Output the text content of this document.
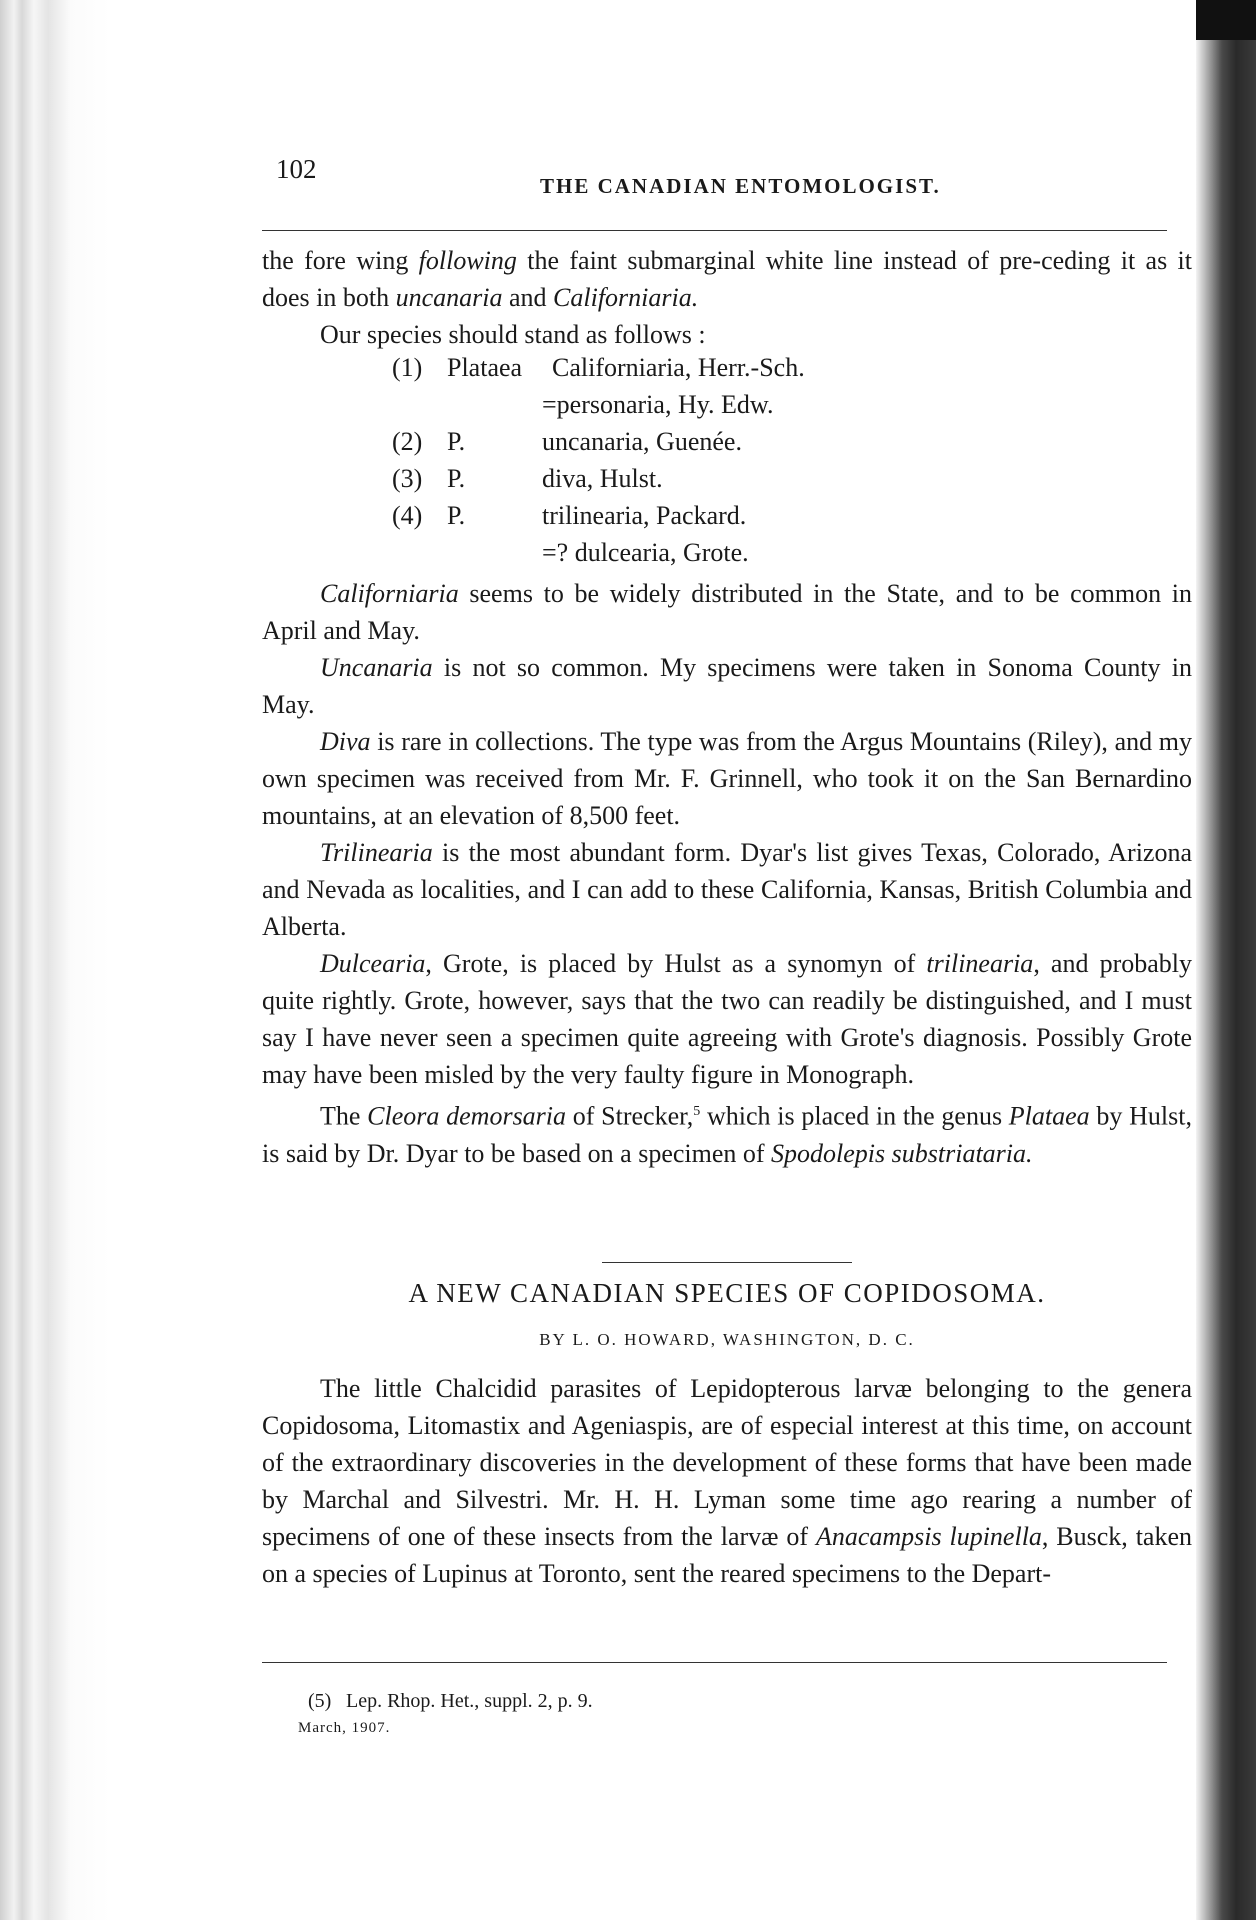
102
THE CANADIAN ENTOMOLOGIST.

the fore wing following the faint submarginal white line instead of pre-ceding it as it does in both uncanaria and Californiaria.

Our species should stand as follows :

(1) Plataea Californiaria, Herr.-Sch.
=personaria, Hy. Edw.
(2) P.	uncanaria, Guenée.
(3) P.	diva, Hulst.
(4) P.	trilinearia, Packard.
=? dulcearia, Grote.

Californiaria seems to be widely distributed in the State, and to be common in April and May.

Uncanaria is not so common. My specimens were taken in Sonoma County in May.

Diva is rare in collections. The type was from the Argus Mountains (Riley), and my own specimen was received from Mr. F. Grinnell, who took it on the San Bernardino mountains, at an elevation of 8,500 feet.

Trilinearia is the most abundant form. Dyar's list gives Texas, Colorado, Arizona and Nevada as localities, and I can add to these California, Kansas, British Columbia and Alberta.

Dulcearia, Grote, is placed by Hulst as a synomyn of trilinearia, and probably quite rightly. Grote, however, says that the two can readily be distinguished, and I must say I have never seen a specimen quite agreeing with Grote's diagnosis. Possibly Grote may have been misled by the very faulty figure in Monograph.

The Cleora demorsaria of Strecker,$^5$ which is placed in the genus Plataea by Hulst, is said by Dr. Dyar to be based on a specimen of Spodolepis substriataria.

A NEW CANADIAN SPECIES OF COPIDOSOMA.
BY L. O. HOWARD, WASHINGTON, D. C.

The little Chalcidid parasites of Lepidopterous larvæ belonging to the genera Copidosoma, Litomastix and Ageniaspis, are of especial interest at this time, on account of the extraordinary discoveries in the development of these forms that have been made by Marchal and Silvestri. Mr. H. H. Lyman some time ago rearing a number of specimens of one of these insects from the larvæ of Anacampsis lupinella, Busck, taken on a species of Lupinus at Toronto, sent the reared specimens to the Depart-

(5) Lep. Rhop. Het., suppl. 2, p. 9.
March, 1907.
